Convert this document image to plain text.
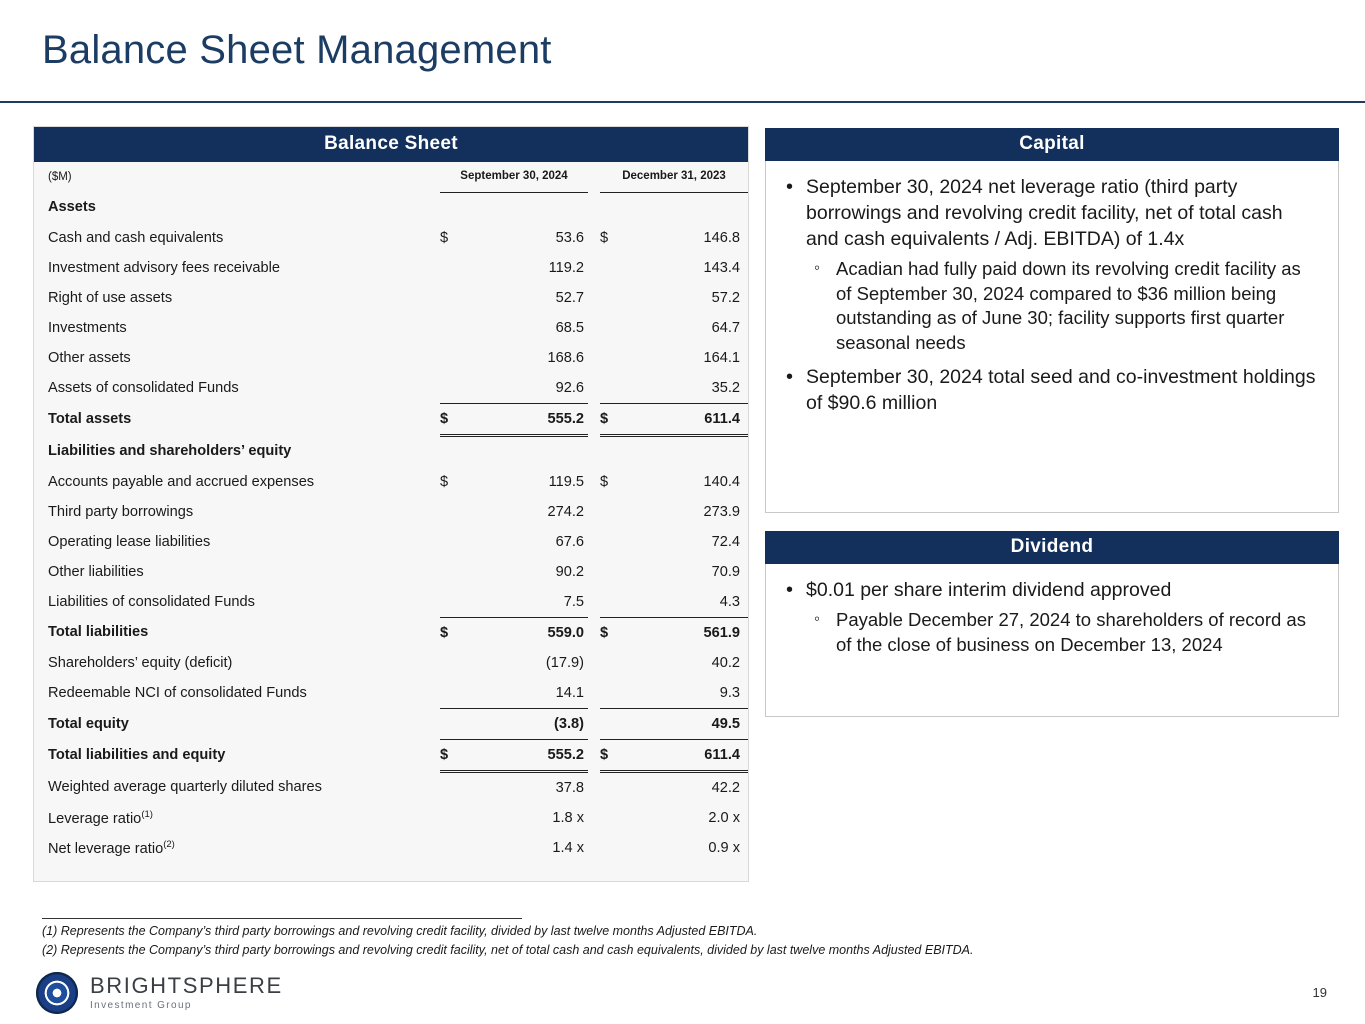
Balance Sheet Management
Balance Sheet
($M)	September 30, 2024			December 31, 2023	
Assets					
Cash and cash equivalents	$	53.6		$	146.8
Investment advisory fees receivable		119.2			143.4
Right of use assets		52.7			57.2
Investments		68.5			64.7
Other assets		168.6			164.1
Assets of consolidated Funds		92.6			35.2
Total assets	$	555.2		$	611.4
Liabilities and shareholders’ equity					
Accounts payable and accrued expenses	$	119.5		$	140.4
Third party borrowings		274.2			273.9
Operating lease liabilities		67.6			72.4
Other liabilities		90.2			70.9
Liabilities of consolidated Funds		7.5			4.3
Total liabilities	$	559.0		$	561.9
Shareholders’ equity (deficit)		(17.9)			40.2
Redeemable NCI of consolidated Funds		14.1			9.3
Total equity		(3.8)			49.5
Total liabilities and equity	$	555.2		$	611.4
Weighted average quarterly diluted shares		37.8			42.2
Leverage ratio$^{(1)}$		1.8 x			2.0 x
Net leverage ratio$^{(2)}$		1.4 x			0.9 x
Capital
• September 30, 2024 net leverage ratio (third party borrowings and revolving credit facility, net of total cash and cash equivalents / Adj. EBITDA) of 1.4x
◦ Acadian had fully paid down its revolving credit facility as of September 30, 2024 compared to $36 million being outstanding as of June 30; facility supports first quarter seasonal needs
• September 30, 2024 total seed and co-investment holdings of $90.6 million
Dividend
• $0.01 per share interim dividend approved
◦ Payable December 27, 2024 to shareholders of record as of the close of business on December 13, 2024
(1) Represents the Company’s third party borrowings and revolving credit facility, divided by last twelve months Adjusted EBITDA.
(2) Represents the Company’s third party borrowings and revolving credit facility, net of total cash and cash equivalents, divided by last twelve months Adjusted EBITDA.
BRIGHTSPHERE
Investment Group
19
